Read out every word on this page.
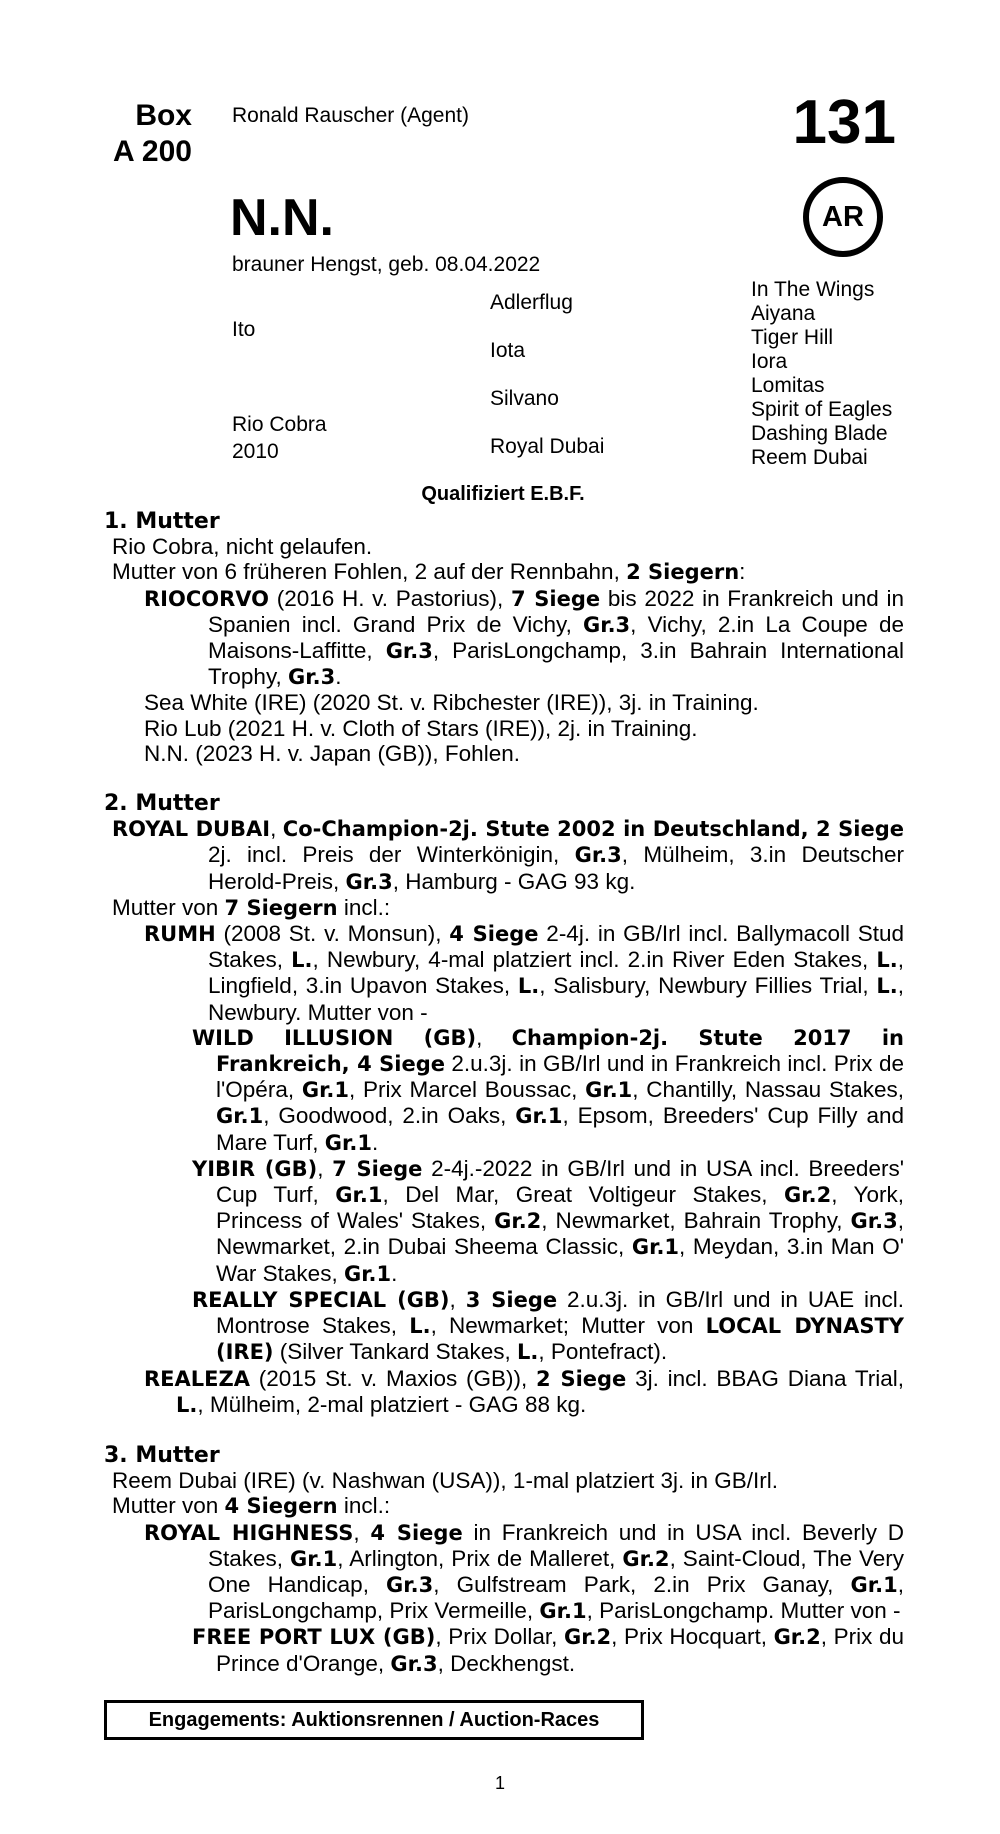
Box
A 200
Ronald Rauscher (Agent)	131
AR
N.N.
brauner Hengst, geb. 08.04.2022
Ito
Rio Cobra
2010
Adlerflug
Iota
Silvano
Royal Dubai
In The Wings
Aiyana
Tiger Hill
Iora
Lomitas
Spirit of Eagles
Dashing Blade
Reem Dubai
Qualifiziert E.B.F.

1. Mutter

Rio Cobra, nicht gelaufen.

Mutter von 6 früheren Fohlen, 2 auf der Rennbahn, 2 Siegern:

RIOCORVO (2016 H. v. Pastorius), 7 Siege bis 2022 in Frankreich und in Spanien incl. Grand Prix de Vichy, Gr.3, Vichy, 2.in La Coupe de Maisons-Laffitte, Gr.3, ParisLongchamp, 3.in Bahrain International Trophy, Gr.3.

Sea White (IRE) (2020 St. v. Ribchester (IRE)), 3j. in Training.

Rio Lub (2021 H. v. Cloth of Stars (IRE)), 2j. in Training.

N.N. (2023 H. v. Japan (GB)), Fohlen.

2. Mutter

ROYAL DUBAI, Co-Champion-2j. Stute 2002 in Deutschland, 2 Siege 2j. incl. Preis der Winterkönigin, Gr.3, Mülheim, 3.in Deutscher Herold-Preis, Gr.3, Hamburg - GAG 93 kg.

Mutter von 7 Siegern incl.:

RUMH (2008 St. v. Monsun), 4 Siege 2-4j. in GB/Irl incl. Ballymacoll Stud Stakes, L., Newbury, 4-mal platziert incl. 2.in River Eden Stakes, L., Lingfield, 3.in Upavon Stakes, L., Salisbury, Newbury Fillies Trial, L., Newbury. Mutter von -

WILD ILLUSION (GB), Champion-2j. Stute 2017 in Frankreich, 4 Siege 2.u.3j. in GB/Irl und in Frankreich incl. Prix de l'Opéra, Gr.1, Prix Marcel Boussac, Gr.1, Chantilly, Nassau Stakes, Gr.1, Goodwood, 2.in Oaks, Gr.1, Epsom, Breeders' Cup Filly and Mare Turf, Gr.1.

YIBIR (GB), 7 Siege 2-4j.-2022 in GB/Irl und in USA incl. Breeders' Cup Turf, Gr.1, Del Mar, Great Voltigeur Stakes, Gr.2, York, Princess of Wales' Stakes, Gr.2, Newmarket, Bahrain Trophy, Gr.3, Newmarket, 2.in Dubai Sheema Classic, Gr.1, Meydan, 3.in Man O' War Stakes, Gr.1.

REALLY SPECIAL (GB), 3 Siege 2.u.3j. in GB/Irl und in UAE incl. Montrose Stakes, L., Newmarket; Mutter von LOCAL DYNASTY (IRE) (Silver Tankard Stakes, L., Pontefract).

REALEZA (2015 St. v. Maxios (GB)), 2 Siege 3j. incl. BBAG Diana Trial, L., Mülheim, 2-mal platziert - GAG 88 kg.

3. Mutter

Reem Dubai (IRE) (v. Nashwan (USA)), 1-mal platziert 3j. in GB/Irl.

Mutter von 4 Siegern incl.:

ROYAL HIGHNESS, 4 Siege in Frankreich und in USA incl. Beverly D Stakes, Gr.1, Arlington, Prix de Malleret, Gr.2, Saint-Cloud, The Very One Handicap, Gr.3, Gulfstream Park, 2.in Prix Ganay, Gr.1, ParisLongchamp, Prix Vermeille, Gr.1, ParisLongchamp. Mutter von -

FREE PORT LUX (GB), Prix Dollar, Gr.2, Prix Hocquart, Gr.2, Prix du Prince d'Orange, Gr.3, Deckhengst.

Engagements: Auktionsrennen / Auction-Races
1
